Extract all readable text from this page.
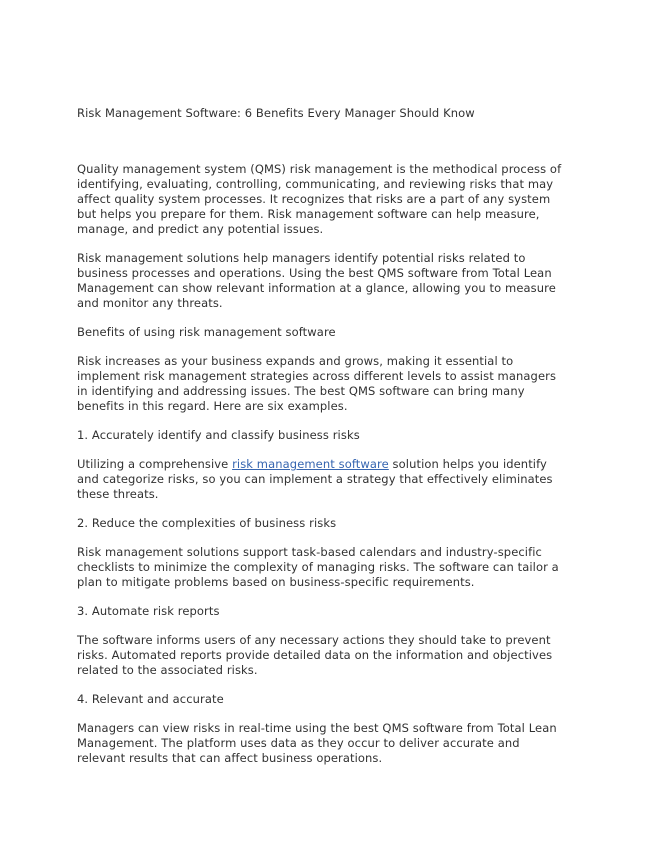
Risk Management Software: 6 Benefits Every Manager Should Know

Quality management system (QMS) risk management is the methodical process of identifying, evaluating, controlling, communicating, and reviewing risks that may affect quality system processes. It recognizes that risks are a part of any system but helps you prepare for them. Risk management software can help measure, manage, and predict any potential issues.

Risk management solutions help managers identify potential risks related to business processes and operations. Using the best QMS software from Total Lean Management can show relevant information at a glance, allowing you to measure and monitor any threats.

Benefits of using risk management software

Risk increases as your business expands and grows, making it essential to implement risk management strategies across different levels to assist managers in identifying and addressing issues. The best QMS software can bring many benefits in this regard. Here are six examples.

1. Accurately identify and classify business risks

Utilizing a comprehensive risk management software solution helps you identify and categorize risks, so you can implement a strategy that effectively eliminates these threats.

2. Reduce the complexities of business risks

Risk management solutions support task-based calendars and industry-specific checklists to minimize the complexity of managing risks. The software can tailor a plan to mitigate problems based on business-specific requirements.

3. Automate risk reports

The software informs users of any necessary actions they should take to prevent risks. Automated reports provide detailed data on the information and objectives related to the associated risks.

4. Relevant and accurate

Managers can view risks in real-time using the best QMS software from Total Lean Management. The platform uses data as they occur to deliver accurate and relevant results that can affect business operations.
